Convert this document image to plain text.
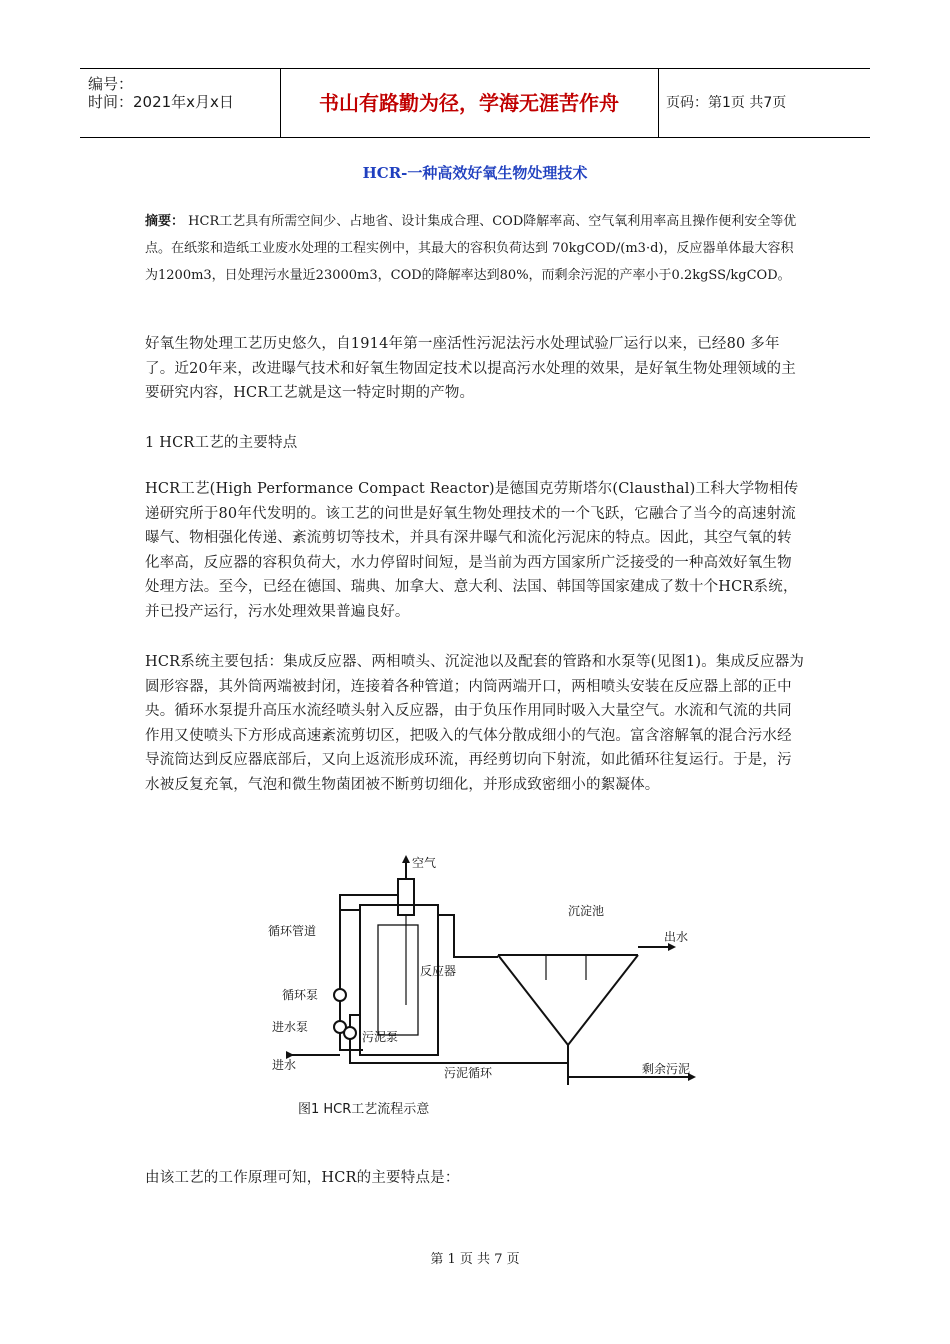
编号：
时间：2021年x月x日	书山有路勤为径，学海无涯苦作舟	页码：第1页 共7页
HCR-一种高效好氧生物处理技术
摘要： HCR工艺具有所需空间少、占地省、设计集成合理、COD降解率高、空气氧利用率高且操作便利安全等优点。在纸浆和造纸工业废水处理的工程实例中，其最大的容积负荷达到 70kgCOD/(m3·d)，反应器单体最大容积为1200m3，日处理污水量近23000m3，COD的降解率达到80%，而剩余污泥的产率小于0.2kgSS/kgCOD。
好氧生物处理工艺历史悠久，自1914年第一座活性污泥法污水处理试验厂运行以来，已经80 多年了。近20年来，改进曝气技术和好氧生物固定技术以提高污水处理的效果，是好氧生物处理领域的主要研究内容，HCR工艺就是这一特定时期的产物。
1 HCR工艺的主要特点
HCR工艺(High Performance Compact Reactor)是德国克劳斯塔尔(Clausthal)工科大学物相传递研究所于80年代发明的。该工艺的问世是好氧生物处理技术的一个飞跃，它融合了当今的高速射流曝气、物相强化传递、紊流剪切等技术，并具有深井曝气和流化污泥床的特点。因此，其空气氧的转化率高，反应器的容积负荷大，水力停留时间短，是当前为西方国家所广泛接受的一种高效好氧生物处理方法。至今，已经在德国、瑞典、加拿大、意大利、法国、韩国等国家建成了数十个HCR系统，并已投产运行，污水处理效果普遍良好。
HCR系统主要包括：集成反应器、两相喷头、沉淀池以及配套的管路和水泵等(见图1)。集成反应器为圆形容器，其外筒两端被封闭，连接着各种管道；内筒两端开口，两相喷头安装在反应器上部的正中央。循环水泵提升高压水流经喷头射入反应器，由于负压作用同时吸入大量空气。水流和气流的共同作用又使喷头下方形成高速紊流剪切区，把吸入的气体分散成细小的气泡。富含溶解氧的混合污水经导流筒达到反应器底部后，又向上返流形成环流，再经剪切向下射流，如此循环往复运行。于是，污水被反复充氧，气泡和微生物菌团被不断剪切细化，并形成致密细小的絮凝体。
由该工艺的工作原理可知，HCR的主要特点是：
空气
循环管道
循环泵
进水泵
进水
反应器
污泥泵
污泥循环
沉淀池
出水
剩余污泥
图1 HCR工艺流程示意
第 1 页 共 7 页
